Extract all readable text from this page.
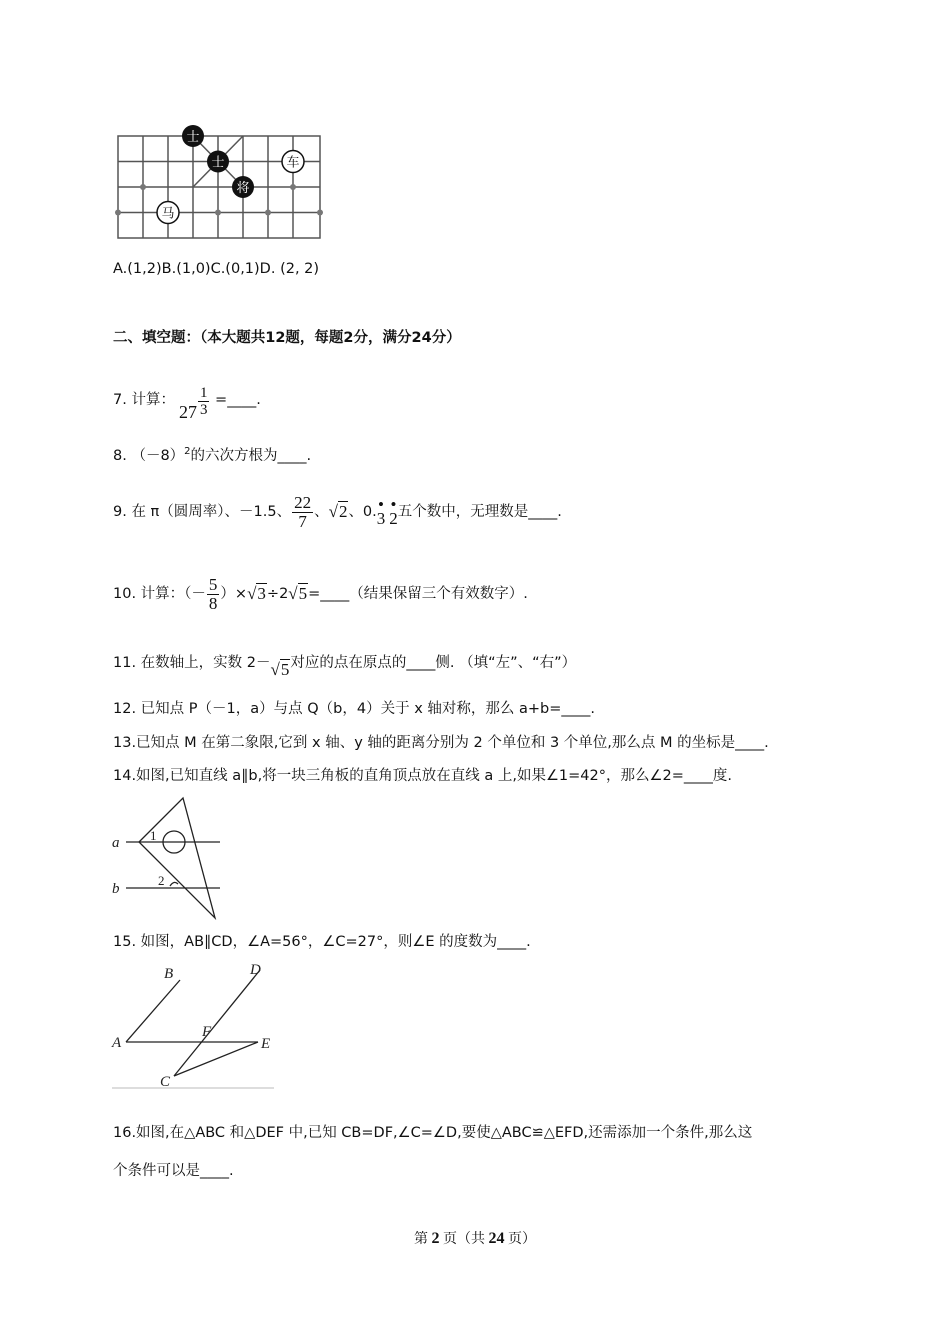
士
士
将
车
马
A.(1,2)B.(1,0)C.(0,1)D. (2, 2)
二、填空题：（本大题共12题，每题2分，满分24分）
7. 计算：$27 \frac{1}{3}$ =____.
8. $(-8)^2$的六次方根为____.
9. 在 π（圆周率）、－1.5、 $\frac{22}{7}$ 、√2、0. •
3
•
2 五个数中，无理数是____.
10. 计算：（－ $\frac{5}{8}$ ）×√3÷2√5=____（结果保留三个有效数字）.
11. 在数轴上，实数 2－√5对应的点在原点的____侧. （填“左”、“右”）
12. 已知点 P（－1，a）与点 Q（b，4）关于 x 轴对称，那么 a+b=____.
13.已知点 M 在第二象限,它到 x 轴、y 轴的距离分别为 2 个单位和 3 个单位,那么点 M 的坐标是____.
14.如图,已知直线 a∥b,将一块三角板的直角顶点放在直线 a 上,如果∠1=42°，那么∠2=____度.
a
b
1
2
15. 如图，AB∥CD，∠A=56°，∠C=27°，则∠E 的度数为____.
B	D
A
F
E
C
16.如图,在△ABC 和△DEF 中,已知 CB=DF,∠C=∠D,要使△ABC≌△EFD,还需添加一个条件,那么这
个条件可以是____.
第 2 页（共 24 页）
